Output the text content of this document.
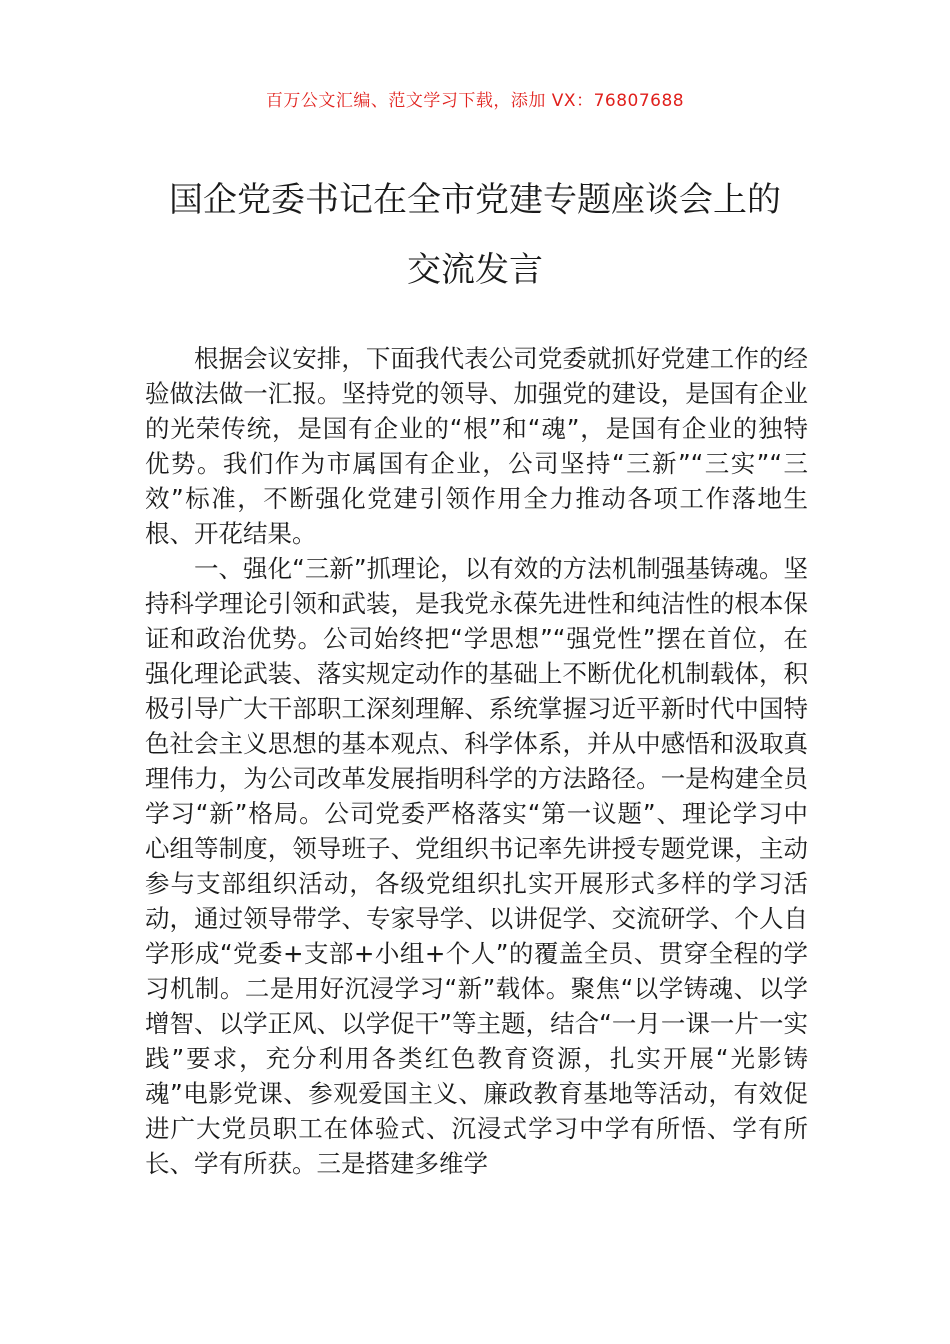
百万公文汇编、范文学习下载，添加 VX：76807688
国企党委书记在全市党建专题座谈会上的
交流发言

根据会议安排，下面我代表公司党委就抓好党建工作的经验做法做一汇报。坚持党的领导、加强党的建设，是国有企业的光荣传统，是国有企业的“根”和“魂”，是国有企业的独特优势。我们作为市属国有企业，公司坚持“三新”“三实”“三效”标准，不断强化党建引领作用全力推动各项工作落地生根、开花结果。

一、强化“三新”抓理论，以有效的方法机制强基铸魂。坚持科学理论引领和武装，是我党永葆先进性和纯洁性的根本保证和政治优势。公司始终把“学思想”“强党性”摆在首位，在强化理论武装、落实规定动作的基础上不断优化机制载体，积极引导广大干部职工深刻理解、系统掌握习近平新时代中国特色社会主义思想的基本观点、科学体系，并从中感悟和汲取真理伟力，为公司改革发展指明科学的方法路径。一是构建全员学习“新”格局。公司党委严格落实“第一议题”、理论学习中心组等制度，领导班子、党组织书记率先讲授专题党课，主动参与支部组织活动，各级党组织扎实开展形式多样的学习活动，通过领导带学、专家导学、以讲促学、交流研学、个人自学形成“党委+支部+小组+个人”的覆盖全员、贯穿全程的学习机制。二是用好沉浸学习“新”载体。聚焦“以学铸魂、以学增智、以学正风、以学促干”等主题，结合“一月一课一片一实践”要求，充分利用各类红色教育资源，扎实开展“光影铸魂”电影党课、参观爱国主义、廉政教育基地等活动，有效促进广大党员职工在体验式、沉浸式学习中学有所悟、学有所长、学有所获。三是搭建多维学
